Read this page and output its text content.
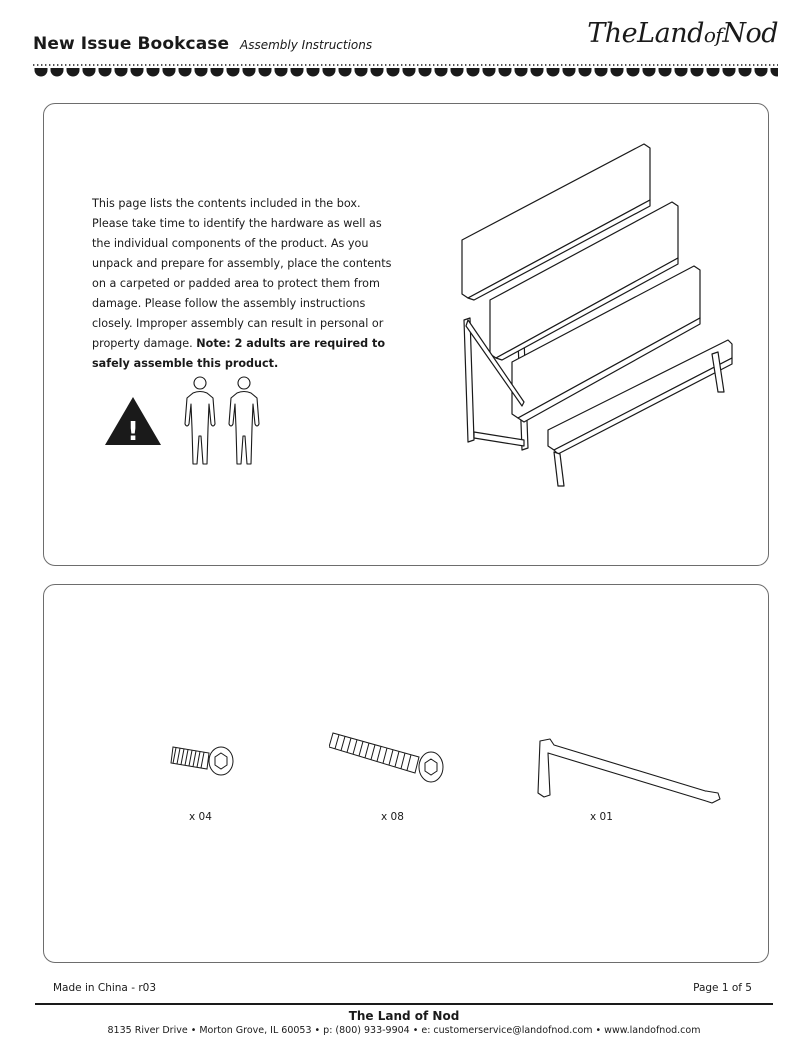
New Issue Bookcase Assembly Instructions	TheLandofNod
This page lists the contents included in the box. Please take time to identify the hardware as well as the individual components of the product. As you unpack and prepare for assembly, place the contents on a carpeted or padded area to protect them from damage. Please follow the assembly instructions closely. Improper assembly can result in personal or property damage. Note: 2 adults are required to safely assemble this product.
!
x 04	x 08	x 01
Made in China - r03	Page 1 of 5
The Land of Nod
8135 River Drive • Morton Grove, IL 60053 • p: (800) 933-9904 • e: customerservice@landofnod.com • www.landofnod.com
